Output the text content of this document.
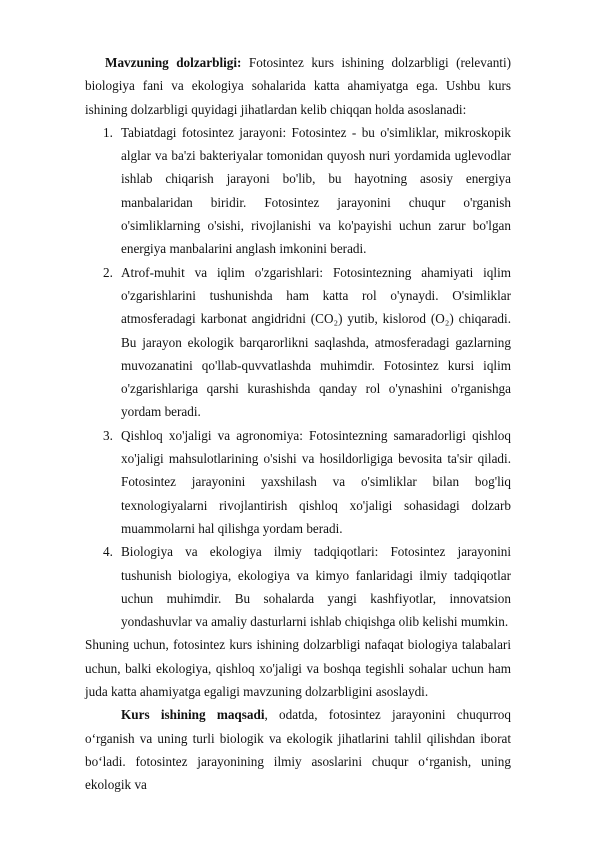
Mavzuning dolzarbligi: Fotosintez kurs ishining dolzarbligi (relevanti) biologiya fani va ekologiya sohalarida katta ahamiyatga ega. Ushbu kurs ishining dolzarbligi quyidagi jihatlardan kelib chiqqan holda asoslanadi:

1. Tabiatdagi fotosintez jarayoni: Fotosintez - bu o'simliklar, mikroskopik alglar va ba'zi bakteriyalar tomonidan quyosh nuri yordamida uglevodlar ishlab chiqarish jarayoni bo'lib, bu hayotning asosiy energiya manbalaridan biridir. Fotosintez jarayonini chuqur o'rganish o'simliklarning o'sishi, rivojlanishi va ko'payishi uchun zarur bo'lgan energiya manbalarini anglash imkonini beradi.
2. Atrof-muhit va iqlim o'zgarishlari: Fotosintezning ahamiyati iqlim o'zgarishlarini tushunishda ham katta rol o'ynaydi. O'simliklar atmosferadagi karbonat angidridni (CO₂) yutib, kislorod (O₂) chiqaradi. Bu jarayon ekologik barqarorlikni saqlashda, atmosferadagi gazlarning muvozanatini qo'llab-quvvatlashda muhimdir. Fotosintez kursi iqlim o'zgarishlariga qarshi kurashishda qanday rol o'ynashini o'rganishga yordam beradi.
3. Qishloq xo'jaligi va agronomiya: Fotosintezning samaradorligi qishloq xo'jaligi mahsulotlarining o'sishi va hosildorligiga bevosita ta'sir qiladi. Fotosintez jarayonini yaxshilash va o'simliklar bilan bog'liq texnologiyalarni rivojlantirish qishloq xo'jaligi sohasidagi dolzarb muammolarni hal qilishga yordam beradi.
4. Biologiya va ekologiya ilmiy tadqiqotlari: Fotosintez jarayonini tushunish biologiya, ekologiya va kimyo fanlaridagi ilmiy tadqiqotlar uchun muhimdir. Bu sohalarda yangi kashfiyotlar, innovatsion yondashuvlar va amaliy dasturlarni ishlab chiqishga olib kelishi mumkin.

Shuning uchun, fotosintez kurs ishining dolzarbligi nafaqat biologiya talabalari uchun, balki ekologiya, qishloq xo'jaligi va boshqa tegishli sohalar uchun ham juda katta ahamiyatga egaligi mavzuning dolzarbligini asoslaydi.

Kurs ishining maqsadi, odatda, fotosintez jarayonini chuqurroq oʻrganish va uning turli biologik va ekologik jihatlarini tahlil qilishdan iborat boʻladi. fotosintez jarayonining ilmiy asoslarini chuqur oʻrganish, uning ekologik va
